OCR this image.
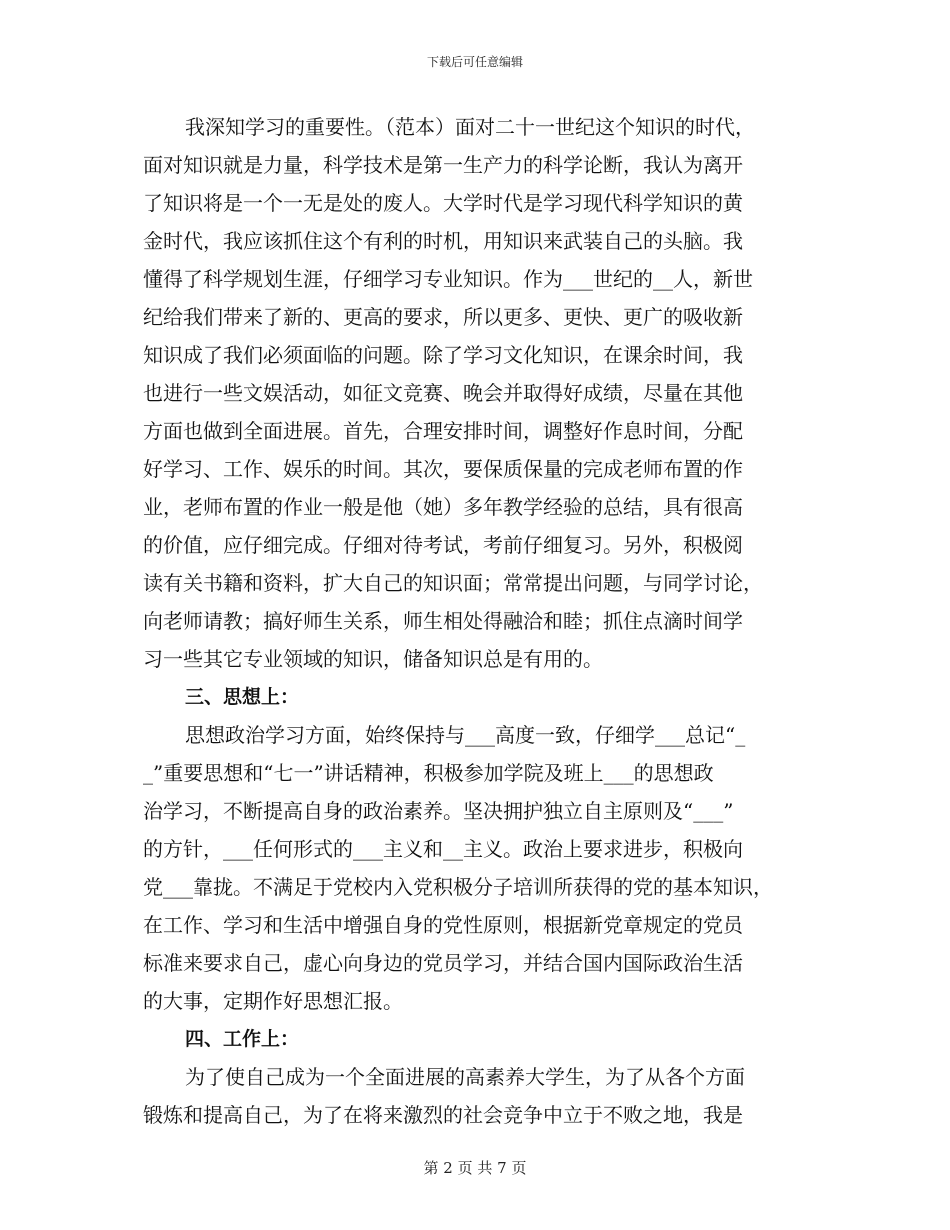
下载后可任意编辑
我深知学习的重要性。（范本）面对二十一世纪这个知识的时代，
面对知识就是力量，科学技术是第一生产力的科学论断，我认为离开
了知识将是一个一无是处的废人。大学时代是学习现代科学知识的黄
金时代，我应该抓住这个有利的时机，用知识来武装自己的头脑。我
懂得了科学规划生涯，仔细学习专业知识。作为___世纪的__人，新世
纪给我们带来了新的、更高的要求，所以更多、更快、更广的吸收新
知识成了我们必须面临的问题。除了学习文化知识，在课余时间，我
也进行一些文娱活动，如征文竞赛、晚会并取得好成绩，尽量在其他
方面也做到全面进展。首先，合理安排时间，调整好作息时间，分配
好学习、工作、娱乐的时间。其次，要保质保量的完成老师布置的作
业，老师布置的作业一般是他（她）多年教学经验的总结，具有很高
的价值，应仔细完成。仔细对待考试，考前仔细复习。另外，积极阅
读有关书籍和资料，扩大自己的知识面；常常提出问题，与同学讨论，
向老师请教；搞好师生关系，师生相处得融洽和睦；抓住点滴时间学
习一些其它专业领域的知识，储备知识总是有用的。
三、思想上：
思想政治学习方面，始终保持与___高度一致，仔细学___总记“_
_”重要思想和“七一”讲话精神，积极参加学院及班上___的思想政
治学习，不断提高自身的政治素养。坚决拥护独立自主原则及“___”
的方针，___任何形式的___主义和__主义。政治上要求进步，积极向
党___靠拢。不满足于党校内入党积极分子培训所获得的党的基本知识，
在工作、学习和生活中增强自身的党性原则，根据新党章规定的党员
标准来要求自己，虚心向身边的党员学习，并结合国内国际政治生活
的大事，定期作好思想汇报。
四、工作上：
为了使自己成为一个全面进展的高素养大学生，为了从各个方面
锻炼和提高自己，为了在将来激烈的社会竞争中立于不败之地，我是
第 2 页 共 7 页
